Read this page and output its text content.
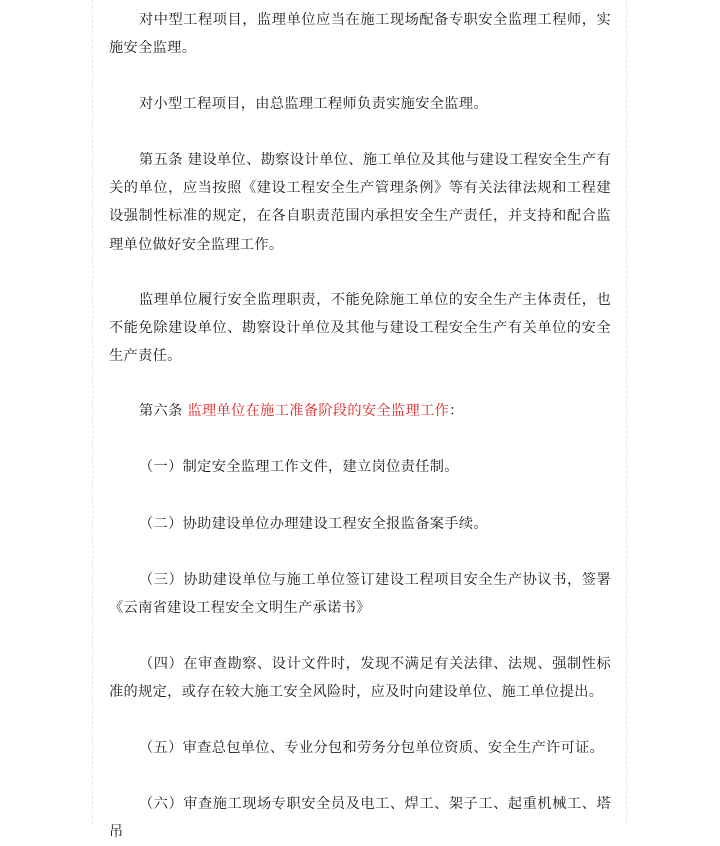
对中型工程项目，监理单位应当在施工现场配备专职安全监理工程师，实施安全监理。

对小型工程项目，由总监理工程师负责实施安全监理。

第五条 建设单位、勘察设计单位、施工单位及其他与建设工程安全生产有关的单位，应当按照《建设工程安全生产管理条例》等有关法律法规和工程建设强制性标准的规定，在各自职责范围内承担安全生产责任，并支持和配合监理单位做好安全监理工作。

监理单位履行安全监理职责，不能免除施工单位的安全生产主体责任，也不能免除建设单位、勘察设计单位及其他与建设工程安全生产有关单位的安全生产责任。

第六条 监理单位在施工准备阶段的安全监理工作：

（一）制定安全监理工作文件，建立岗位责任制。

（二）协助建设单位办理建设工程安全报监备案手续。

（三）协助建设单位与施工单位签订建设工程项目安全生产协议书，签署《云南省建设工程安全文明生产承诺书》

（四）在审查勘察、设计文件时，发现不满足有关法律、法规、强制性标准的规定，或存在较大施工安全风险时，应及时向建设单位、施工单位提出。

（五）审查总包单位、专业分包和劳务分包单位资质、安全生产许可证。

（六）审查施工现场专职安全员及电工、焊工、架子工、起重机械工、塔吊
